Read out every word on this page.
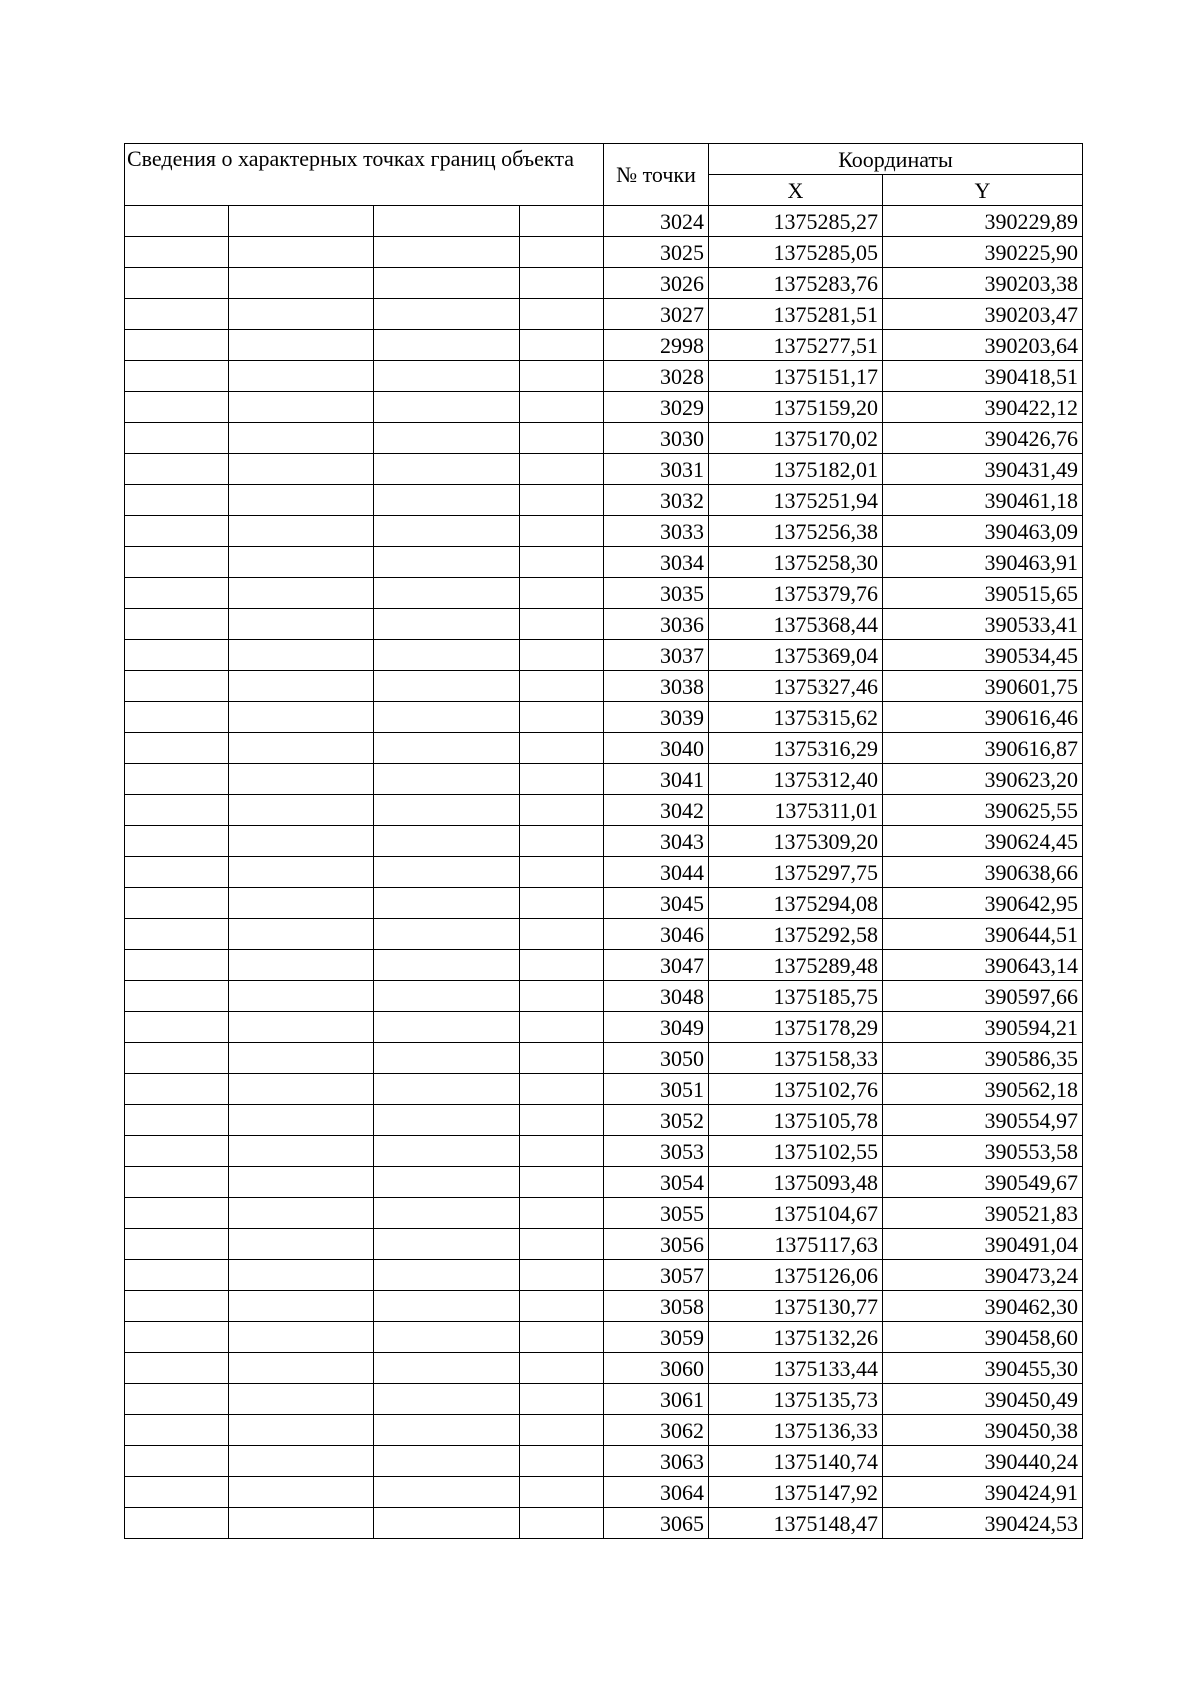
Сведения о характерных точках границ объекта				№ точки	Координаты	
					X	Y
				3024	1375285,27	390229,89
				3025	1375285,05	390225,90
				3026	1375283,76	390203,38
				3027	1375281,51	390203,47
				2998	1375277,51	390203,64
				3028	1375151,17	390418,51
				3029	1375159,20	390422,12
				3030	1375170,02	390426,76
				3031	1375182,01	390431,49
				3032	1375251,94	390461,18
				3033	1375256,38	390463,09
				3034	1375258,30	390463,91
				3035	1375379,76	390515,65
				3036	1375368,44	390533,41
				3037	1375369,04	390534,45
				3038	1375327,46	390601,75
				3039	1375315,62	390616,46
				3040	1375316,29	390616,87
				3041	1375312,40	390623,20
				3042	1375311,01	390625,55
				3043	1375309,20	390624,45
				3044	1375297,75	390638,66
				3045	1375294,08	390642,95
				3046	1375292,58	390644,51
				3047	1375289,48	390643,14
				3048	1375185,75	390597,66
				3049	1375178,29	390594,21
				3050	1375158,33	390586,35
				3051	1375102,76	390562,18
				3052	1375105,78	390554,97
				3053	1375102,55	390553,58
				3054	1375093,48	390549,67
				3055	1375104,67	390521,83
				3056	1375117,63	390491,04
				3057	1375126,06	390473,24
				3058	1375130,77	390462,30
				3059	1375132,26	390458,60
				3060	1375133,44	390455,30
				3061	1375135,73	390450,49
				3062	1375136,33	390450,38
				3063	1375140,74	390440,24
				3064	1375147,92	390424,91
				3065	1375148,47	390424,53
